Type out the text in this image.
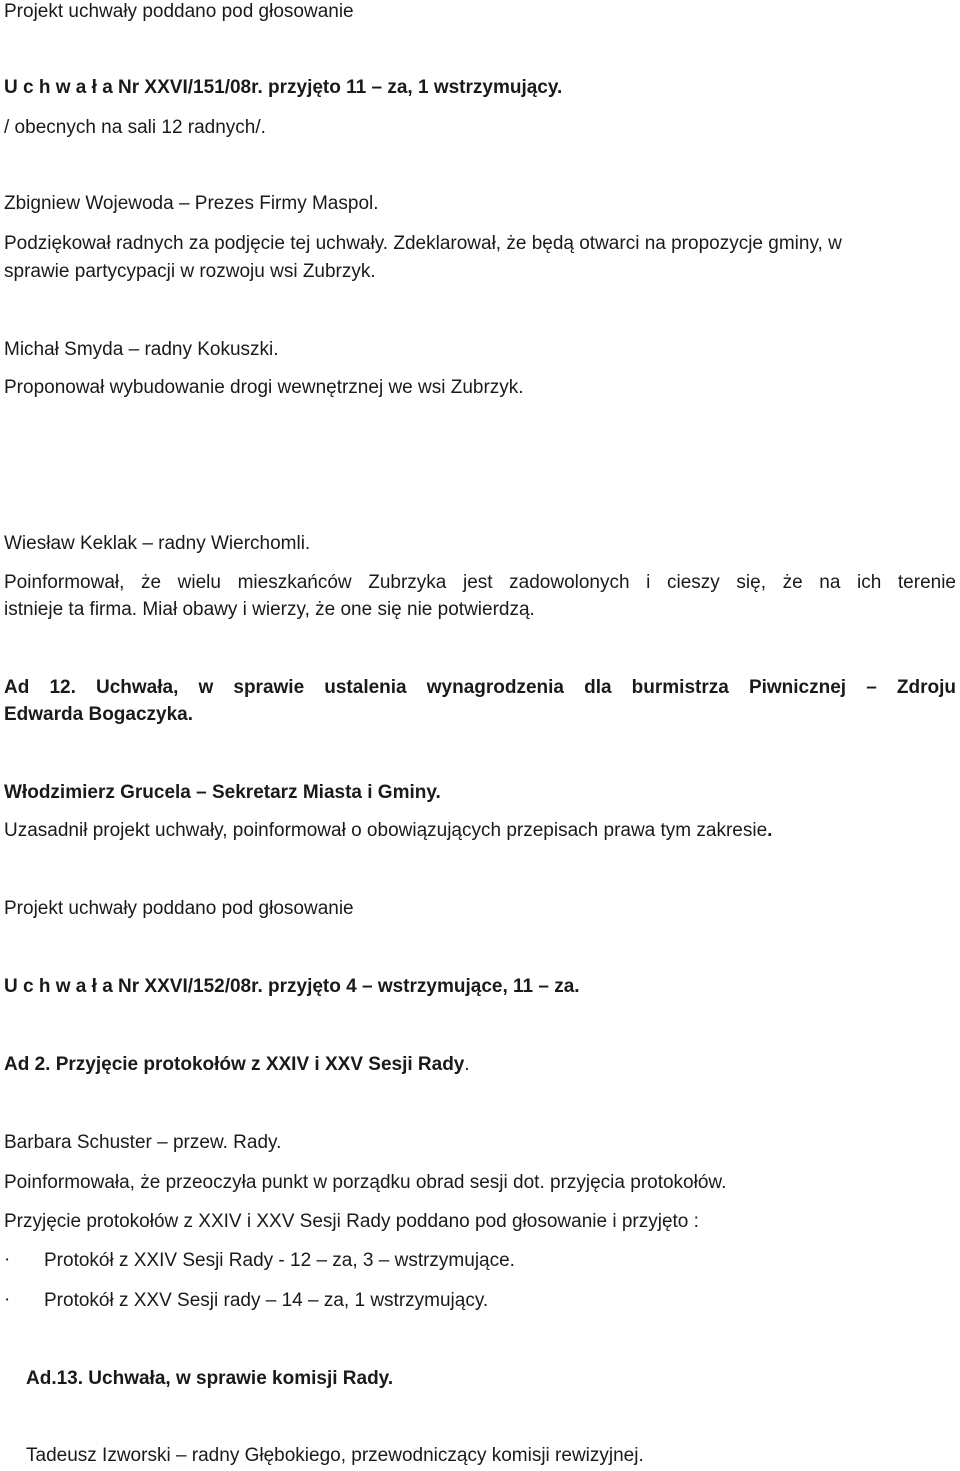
Projekt uchwały poddano pod głosowanie
U c h w a ł a Nr XXVI/151/08r. przyjęto 11 – za, 1 wstrzymujący.
/ obecnych na sali 12 radnych/.
Zbigniew Wojewoda – Prezes Firmy Maspol.
Podziękował radnych za podjęcie tej uchwały. Zdeklarował, że będą otwarci na propozycje gminy, w
sprawie partycypacji w rozwoju wsi Zubrzyk.
Michał Smyda – radny Kokuszki.
Proponował wybudowanie drogi wewnętrznej we wsi Zubrzyk.
Wiesław Keklak – radny Wierchomli.
Poinformował, że wielu mieszkańców Zubrzyka jest zadowolonych i cieszy się, że na ich terenie
istnieje ta firma. Miał obawy i wierzy, że one się nie potwierdzą.
Ad 12. Uchwała, w sprawie ustalenia wynagrodzenia dla burmistrza Piwnicznej – Zdroju
Edwarda Bogaczyka.
Włodzimierz Grucela – Sekretarz Miasta i Gminy.
Uzasadnił projekt uchwały, poinformował o obowiązujących przepisach prawa tym zakresie.
Projekt uchwały poddano pod głosowanie
U c h w a ł a Nr XXVI/152/08r. przyjęto 4 – wstrzymujące, 11 – za.
Ad 2. Przyjęcie protokołów z XXIV i XXV Sesji Rady.
Barbara Schuster – przew. Rady.
Poinformowała, że przeoczyła punkt w porządku obrad sesji dot. przyjęcia protokołów.
Przyjęcie protokołów z XXIV i XXV Sesji Rady poddano pod głosowanie i przyjęto :
· Protokół z XXIV Sesji Rady - 12 – za, 3 – wstrzymujące.
· Protokół z XXV Sesji rady – 14 – za, 1 wstrzymujący.
Ad.13. Uchwała, w sprawie komisji Rady.
Tadeusz Izworski – radny Głębokiego, przewodniczący komisji rewizyjnej.
